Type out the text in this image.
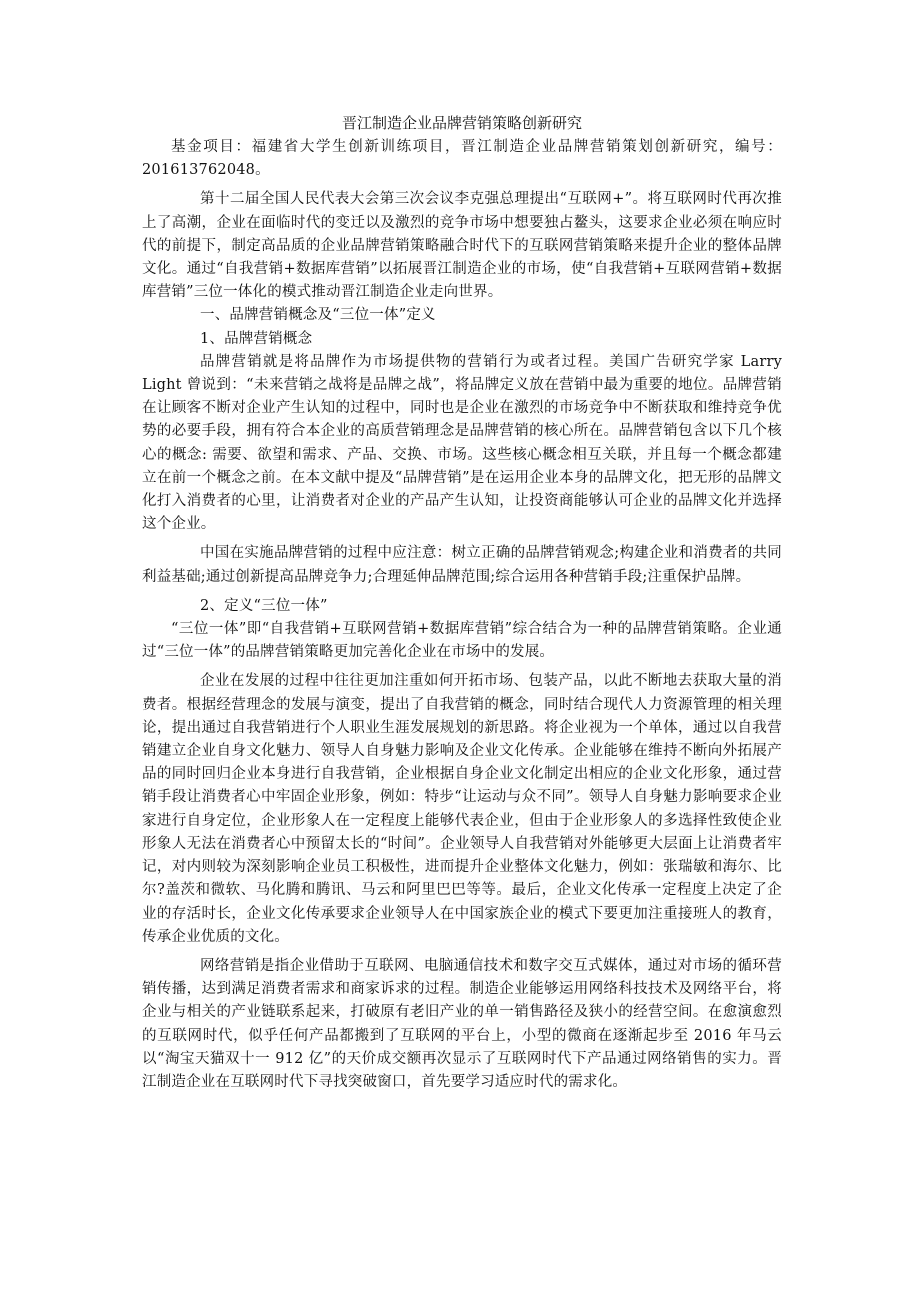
晋江制造企业品牌营销策略创新研究

基金项目：福建省大学生创新训练项目，晋江制造企业品牌营销策划创新研究，编号：201613762048。

第十二届全国人民代表大会第三次会议李克强总理提出“互联网+”。将互联网时代再次推上了高潮，企业在面临时代的变迁以及激烈的竞争市场中想要独占鳌头，这要求企业必须在响应时代的前提下，制定高品质的企业品牌营销策略融合时代下的互联网营销策略来提升企业的整体品牌文化。通过“自我营销+数据库营销”以拓展晋江制造企业的市场，使“自我营销+互联网营销+数据库营销”三位一体化的模式推动晋江制造企业走向世界。

一、品牌营销概念及“三位一体”定义

1、品牌营销概念

品牌营销就是将品牌作为市场提供物的营销行为或者过程。美国广告研究学家 Larry Light 曾说到：“未来营销之战将是品牌之战”，将品牌定义放在营销中最为重要的地位。品牌营销在让顾客不断对企业产生认知的过程中，同时也是企业在激烈的市场竞争中不断获取和维持竞争优势的必要手段，拥有符合本企业的高质营销理念是品牌营销的核心所在。品牌营销包含以下几个核心的概念: 需要、欲望和需求、产品、交换、市场。这些核心概念相互关联，并且每一个概念都建立在前一个概念之前。在本文献中提及“品牌营销”是在运用企业本身的品牌文化，把无形的品牌文化打入消费者的心里，让消费者对企业的产品产生认知，让投资商能够认可企业的品牌文化并选择这个企业。

中国在实施品牌营销的过程中应注意：树立正确的品牌营销观念;构建企业和消费者的共同利益基础;通过创新提高品牌竞争力;合理延伸品牌范围;综合运用各种营销手段;注重保护品牌。

2、定义“三位一体”

“三位一体”即“自我营销+互联网营销+数据库营销”综合结合为一种的品牌营销策略。企业通过“三位一体”的品牌营销策略更加完善化企业在市场中的发展。

企业在发展的过程中往往更加注重如何开拓市场、包装产品，以此不断地去获取大量的消费者。根据经营理念的发展与演变，提出了自我营销的概念，同时结合现代人力资源管理的相关理论，提出通过自我营销进行个人职业生涯发展规划的新思路。将企业视为一个单体，通过以自我营销建立企业自身文化魅力、领导人自身魅力影响及企业文化传承。企业能够在维持不断向外拓展产品的同时回归企业本身进行自我营销，企业根据自身企业文化制定出相应的企业文化形象，通过营销手段让消费者心中牢固企业形象，例如：特步“让运动与众不同”。领导人自身魅力影响要求企业家进行自身定位，企业形象人在一定程度上能够代表企业，但由于企业形象人的多选择性致使企业形象人无法在消费者心中预留太长的“时间”。企业领导人自我营销对外能够更大层面上让消费者牢记，对内则较为深刻影响企业员工积极性，进而提升企业整体文化魅力，例如：张瑞敏和海尔、比尔?盖茨和微软、马化腾和腾讯、马云和阿里巴巴等等。最后，企业文化传承一定程度上决定了企业的存活时长，企业文化传承要求企业领导人在中国家族企业的模式下要更加注重接班人的教育，传承企业优质的文化。

网络营销是指企业借助于互联网、电脑通信技术和数字交互式媒体，通过对市场的循环营销传播，达到满足消费者需求和商家诉求的过程。制造企业能够运用网络科技技术及网络平台，将企业与相关的产业链联系起来，打破原有老旧产业的单一销售路径及狭小的经营空间。在愈演愈烈的互联网时代，似乎任何产品都搬到了互联网的平台上，小型的微商在逐渐起步至 2016 年马云以“淘宝天猫双十一 912 亿”的天价成交额再次显示了互联网时代下产品通过网络销售的实力。晋江制造企业在互联网时代下寻找突破窗口，首先要学习适应时代的需求化。
